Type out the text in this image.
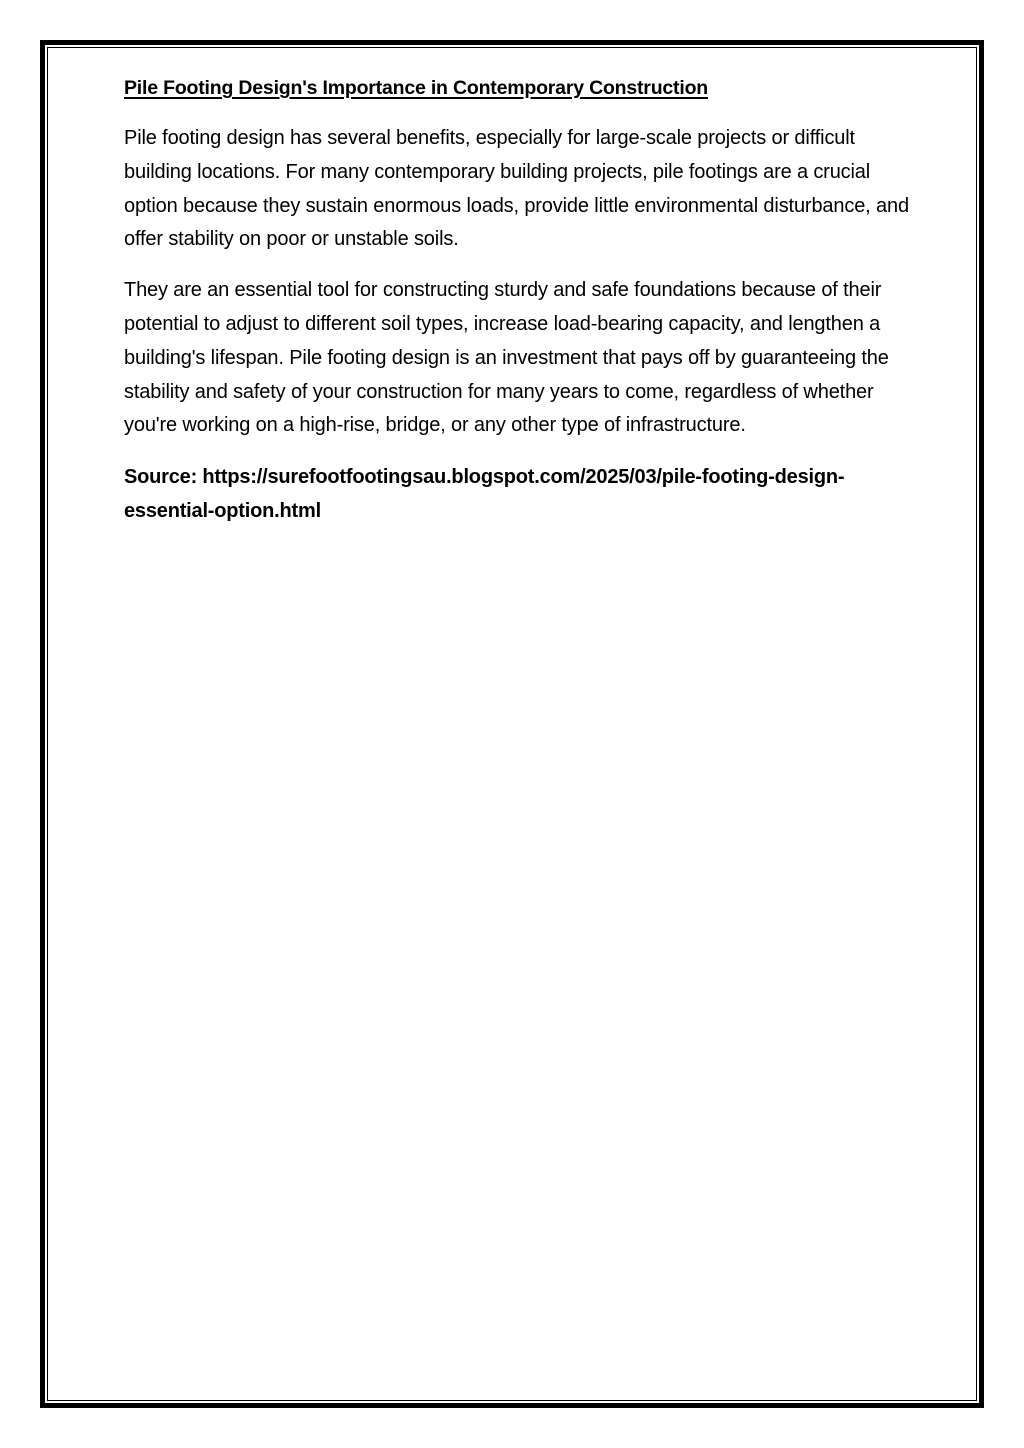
Pile Footing Design's Importance in Contemporary Construction

Pile footing design has several benefits, especially for large-scale projects or difficult building locations. For many contemporary building projects, pile footings are a crucial option because they sustain enormous loads, provide little environmental disturbance, and offer stability on poor or unstable soils.

They are an essential tool for constructing sturdy and safe foundations because of their potential to adjust to different soil types, increase load-bearing capacity, and lengthen a building's lifespan. Pile footing design is an investment that pays off by guaranteeing the stability and safety of your construction for many years to come, regardless of whether you're working on a high-rise, bridge, or any other type of infrastructure.

Source: https://surefootfootingsau.blogspot.com/2025/03/pile-footing-design-essential-option.html
